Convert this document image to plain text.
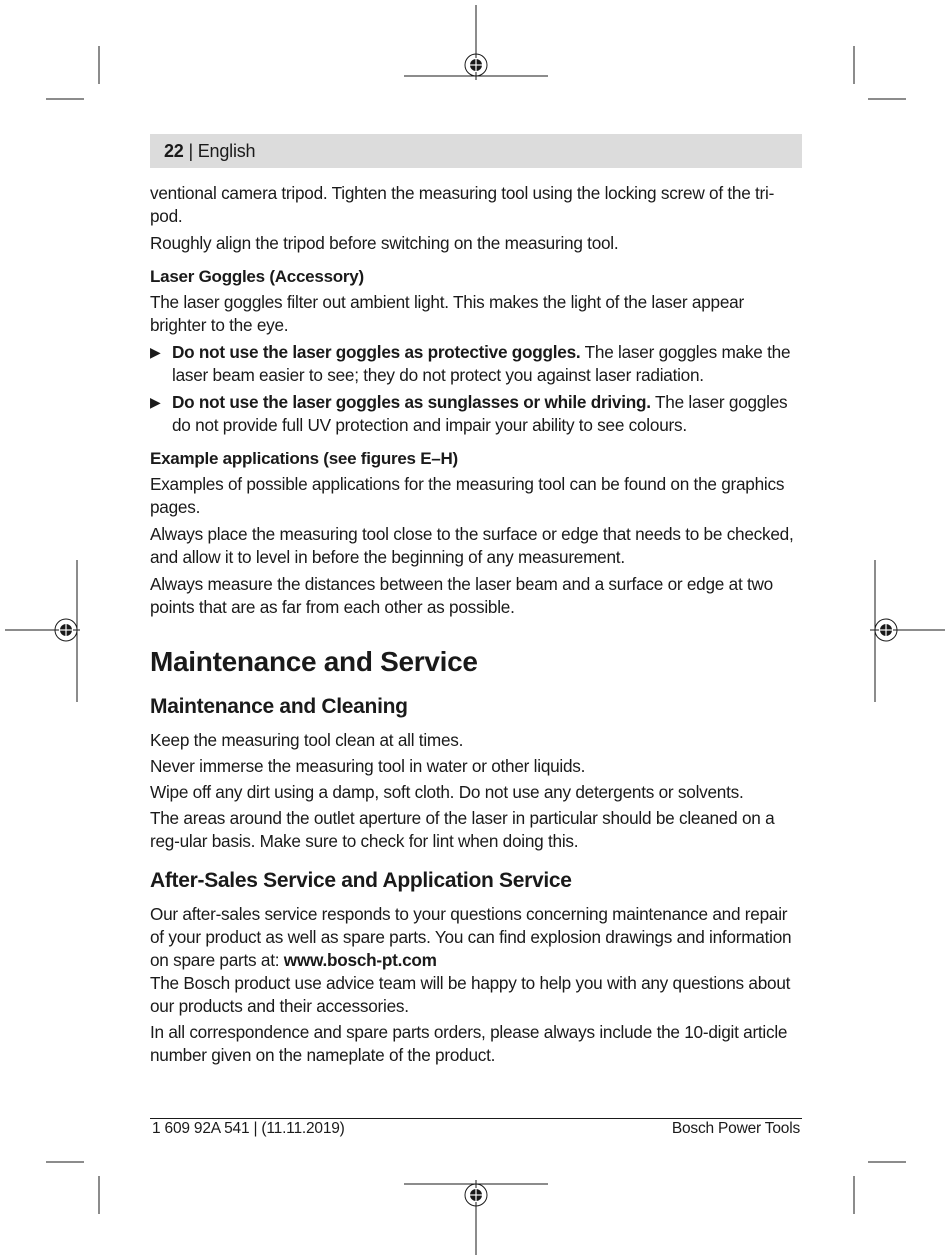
22 | English

ventional camera tripod. Tighten the measuring tool using the locking screw of the tri-pod.

Roughly align the tripod before switching on the measuring tool.

Laser Goggles (Accessory)

The laser goggles filter out ambient light. This makes the light of the laser appear brighter to the eye.

▶ Do not use the laser goggles as protective goggles. The laser goggles make the laser beam easier to see; they do not protect you against laser radiation.

▶ Do not use the laser goggles as sunglasses or while driving. The laser goggles do not provide full UV protection and impair your ability to see colours.

Example applications (see figures E–H)

Examples of possible applications for the measuring tool can be found on the graphics pages.

Always place the measuring tool close to the surface or edge that needs to be checked, and allow it to level in before the beginning of any measurement.

Always measure the distances between the laser beam and a surface or edge at two points that are as far from each other as possible.

Maintenance and Service
Maintenance and Cleaning

Keep the measuring tool clean at all times.

Never immerse the measuring tool in water or other liquids.

Wipe off any dirt using a damp, soft cloth. Do not use any detergents or solvents.

The areas around the outlet aperture of the laser in particular should be cleaned on a reg-ular basis. Make sure to check for lint when doing this.

After-Sales Service and Application Service

Our after-sales service responds to your questions concerning maintenance and repair of your product as well as spare parts. You can find explosion drawings and information on spare parts at: www.bosch-pt.com

The Bosch product use advice team will be happy to help you with any questions about our products and their accessories.

In all correspondence and spare parts orders, please always include the 10-digit article number given on the nameplate of the product.

1 609 92A 541 | (11.11.2019)	Bosch Power Tools
